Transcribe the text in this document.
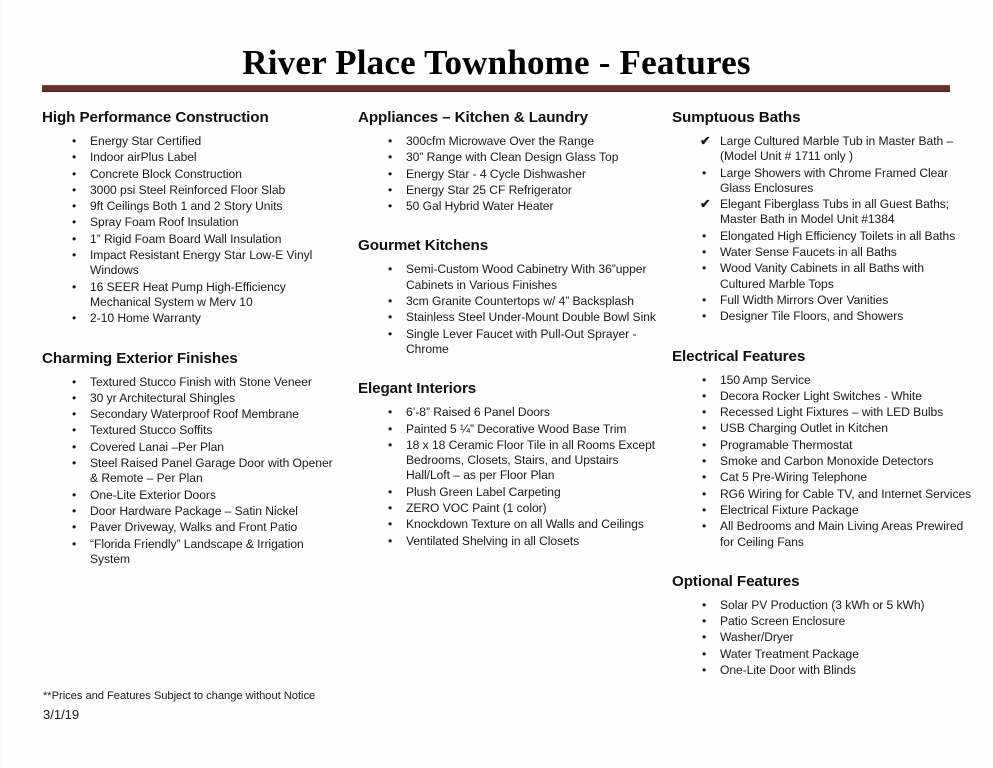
River Place Townhome - Features
High Performance Construction
•	Energy Star Certified
•	Indoor airPlus Label
•	Concrete Block Construction
•	3000 psi Steel Reinforced Floor Slab
•	9ft Ceilings Both 1 and 2 Story Units
•	Spray Foam Roof Insulation
•	1” Rigid Foam Board Wall Insulation
•	Impact Resistant Energy Star Low-E Vinyl Windows
•	16 SEER Heat Pump High-Efficiency Mechanical System w Merv 10
•	2-10 Home Warranty
Charming Exterior Finishes
•	Textured Stucco Finish with Stone Veneer
•	30 yr Architectural Shingles
•	Secondary Waterproof Roof Membrane
•	Textured Stucco Soffits
•	Covered Lanai –Per Plan
•	Steel Raised Panel Garage Door with Opener & Remote – Per Plan
•	One-Lite Exterior Doors
•	Door Hardware Package – Satin Nickel
•	Paver Driveway, Walks and Front Patio
•	“Florida Friendly” Landscape & Irrigation System
Appliances – Kitchen & Laundry
•	300cfm Microwave Over the Range
•	30” Range with Clean Design Glass Top
•	Energy Star - 4 Cycle Dishwasher
•	Energy Star 25 CF Refrigerator
•	50 Gal Hybrid Water Heater
Gourmet Kitchens
•	Semi-Custom Wood Cabinetry With 36”upper Cabinets in Various Finishes
•	3cm Granite Countertops w/ 4” Backsplash
•	Stainless Steel Under-Mount Double Bowl Sink
•	Single Lever Faucet with Pull-Out Sprayer - Chrome
Elegant Interiors
•	6’-8” Raised 6 Panel Doors
•	Painted 5 ¼” Decorative Wood Base Trim
•	18 x 18 Ceramic Floor Tile in all Rooms Except Bedrooms, Closets, Stairs, and Upstairs Hall/Loft – as per Floor Plan
•	Plush Green Label Carpeting
•	ZERO VOC Paint (1 color)
•	Knockdown Texture on all Walls and Ceilings
•	Ventilated Shelving in all Closets
Sumptuous Baths
✔ Large Cultured Marble Tub in Master Bath – (Model Unit # 1711 only )
•	Large Showers with Chrome Framed Clear Glass Enclosures
✔ Elegant Fiberglass Tubs in all Guest Baths; Master Bath in Model Unit #1384
•	Elongated High Efficiency Toilets in all Baths
•	Water Sense Faucets in all Baths
•	Wood Vanity Cabinets in all Baths with Cultured Marble Tops
•	Full Width Mirrors Over Vanities
•	Designer Tile Floors, and Showers
Electrical Features
•	150 Amp Service
•	Decora Rocker Light Switches - White
•	Recessed Light Fixtures – with LED Bulbs
•	USB Charging Outlet in Kitchen
•	Programable Thermostat
•	Smoke and Carbon Monoxide Detectors
•	Cat 5 Pre-Wiring Telephone
•	RG6 Wiring for Cable TV, and Internet Services
•	Electrical Fixture Package
•	All Bedrooms and Main Living Areas Prewired for Ceiling Fans
Optional Features
•	Solar PV Production (3 kWh or 5 kWh)
•	Patio Screen Enclosure
•	Washer/Dryer
•	Water Treatment Package
•	One-Lite Door with Blinds

**Prices and Features Subject to change without Notice

3/1/19
